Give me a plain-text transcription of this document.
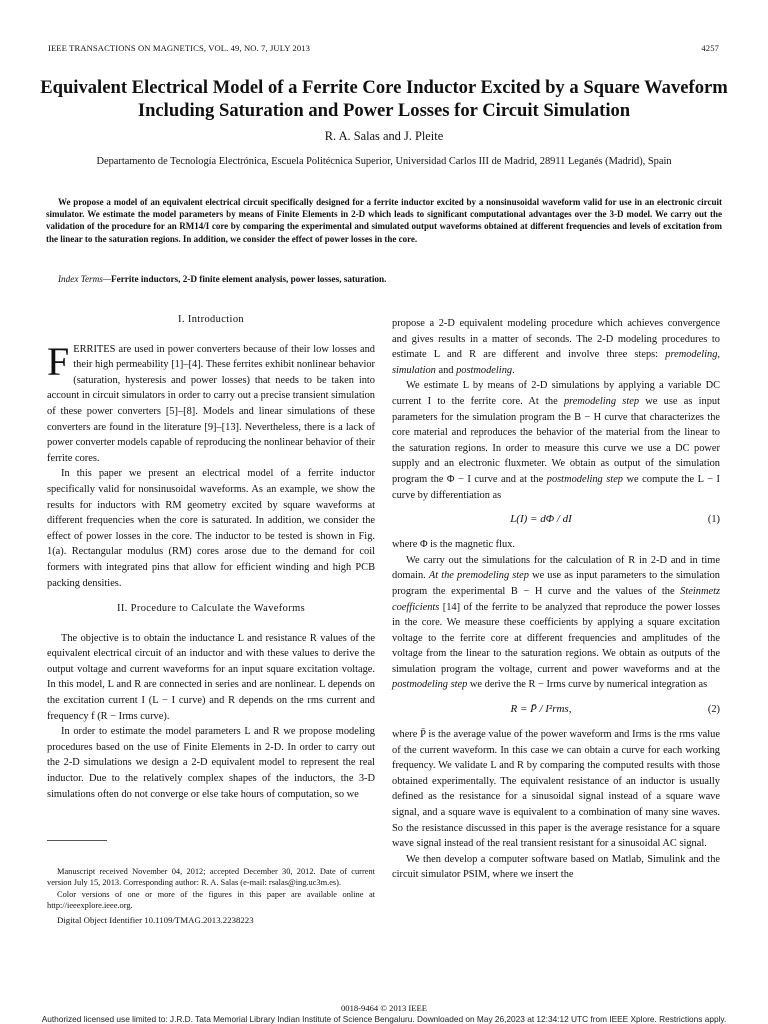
IEEE TRANSACTIONS ON MAGNETICS, VOL. 49, NO. 7, JULY 2013	4257
Equivalent Electrical Model of a Ferrite Core Inductor Excited by a Square Waveform Including Saturation and Power Losses for Circuit Simulation
R. A. Salas and J. Pleite
Departamento de Tecnología Electrónica, Escuela Politécnica Superior, Universidad Carlos III de Madrid, 28911 Leganés (Madrid), Spain

We propose a model of an equivalent electrical circuit specifically designed for a ferrite inductor excited by a nonsinusoidal waveform valid for use in an electronic circuit simulator. We estimate the model parameters by means of Finite Elements in 2-D which leads to significant computational advantages over the 3-D model. We carry out the validation of the procedure for an RM14/I core by comparing the experimental and simulated output waveforms obtained at different frequencies and levels of excitation from the linear to the saturation regions. In addition, we consider the effect of power losses in the core.

Index Terms—Ferrite inductors, 2-D finite element analysis, power losses, saturation.

I. Introduction

FERRITES are used in power converters because of their low losses and their high permeability [1]–[4]. These ferrites exhibit nonlinear behavior (saturation, hysteresis and power losses) that needs to be taken into account in circuit simulators in order to carry out a precise transient simulation of these power converters [5]–[8]. Models and linear simulations of these converters are found in the literature [9]–[13]. Nevertheless, there is a lack of power converter models capable of reproducing the nonlinear behavior of their ferrite cores.

In this paper we present an electrical model of a ferrite inductor specifically valid for nonsinusoidal waveforms. As an example, we show the results for inductors with RM geometry excited by square waveforms at different frequencies when the core is saturated. In addition, we consider the effect of power losses in the core. The inductor to be tested is shown in Fig. 1(a). Rectangular modulus (RM) cores arose due to the demand for coil formers with integrated pins that allow for efficient winding and high PCB packing densities.

II. Procedure to Calculate the Waveforms

The objective is to obtain the inductance L and resistance R values of the equivalent electrical circuit of an inductor and with these values to derive the output voltage and current waveforms for an input square excitation voltage. In this model, L and R are connected in series and are nonlinear. L depends on the excitation current I (L − I curve) and R depends on the rms current and frequency f (R − Irms curve).

In order to estimate the model parameters L and R we propose modeling procedures based on the use of Finite Elements in 2-D. In order to carry out the 2-D simulations we design a 2-D equivalent model to represent the real inductor. Due to the relatively complex shapes of the inductors, the 3-D simulations often do not converge or else take hours of computation, so we

propose a 2-D equivalent modeling procedure which achieves convergence and gives results in a matter of seconds. The 2-D modeling procedures to estimate L and R are different and involve three steps: premodeling, simulation and postmodeling.

We estimate L by means of 2-D simulations by applying a variable DC current I to the ferrite core. At the premodeling step we use as input parameters for the simulation program the B − H curve that characterizes the core material and reproduces the behavior of the material from the linear to the saturation regions. In order to measure this curve we use a DC power supply and an electronic fluxmeter. We obtain as output of the simulation program the Φ − I curve and at the postmodeling step we compute the L − I curve by differentiation as

L(I) = dΦ / dI	(1)

where Φ is the magnetic flux.

We carry out the simulations for the calculation of R in 2-D and in time domain. At the premodeling step we use as input parameters to the simulation program the experimental B − H curve and the values of the Steinmetz coefficients [14] of the ferrite to be analyzed that reproduce the power losses in the core. We measure these coefficients by applying a square excitation voltage to the ferrite core at different frequencies and amplitudes of the voltage from the linear to the saturation regions. We obtain as outputs of the simulation program the voltage, current and power waveforms and at the postmodeling step we derive the R − Irms curve by numerical integration as

R = P̄ / I²rms,	(2)

where P̄ is the average value of the power waveform and Irms is the rms value of the current waveform. In this case we can obtain a curve for each working frequency. We validate L and R by comparing the computed results with those obtained experimentally. The equivalent resistance of an inductor is usually defined as the resistance for a sinusoidal signal instead of a square wave signal, and a square wave is equivalent to a combination of many sine waves. So the resistance discussed in this paper is the average resistance for a square wave signal instead of the real transient resistant for a sinusoidal AC signal.

We then develop a computer software based on Matlab, Simulink and the circuit simulator PSIM, where we insert the

Manuscript received November 04, 2012; accepted December 30, 2012. Date of current version July 15, 2013. Corresponding author: R. A. Salas (e-mail: rsalas@ing.uc3m.es).

Color versions of one or more of the figures in this paper are available online at http://ieeexplore.ieee.org.

Digital Object Identifier 10.1109/TMAG.2013.2238223

0018-9464 © 2013 IEEE
Authorized licensed use limited to: J.R.D. Tata Memorial Library Indian Institute of Science Bengaluru. Downloaded on May 26,2023 at 12:34:12 UTC from IEEE Xplore. Restrictions apply.
